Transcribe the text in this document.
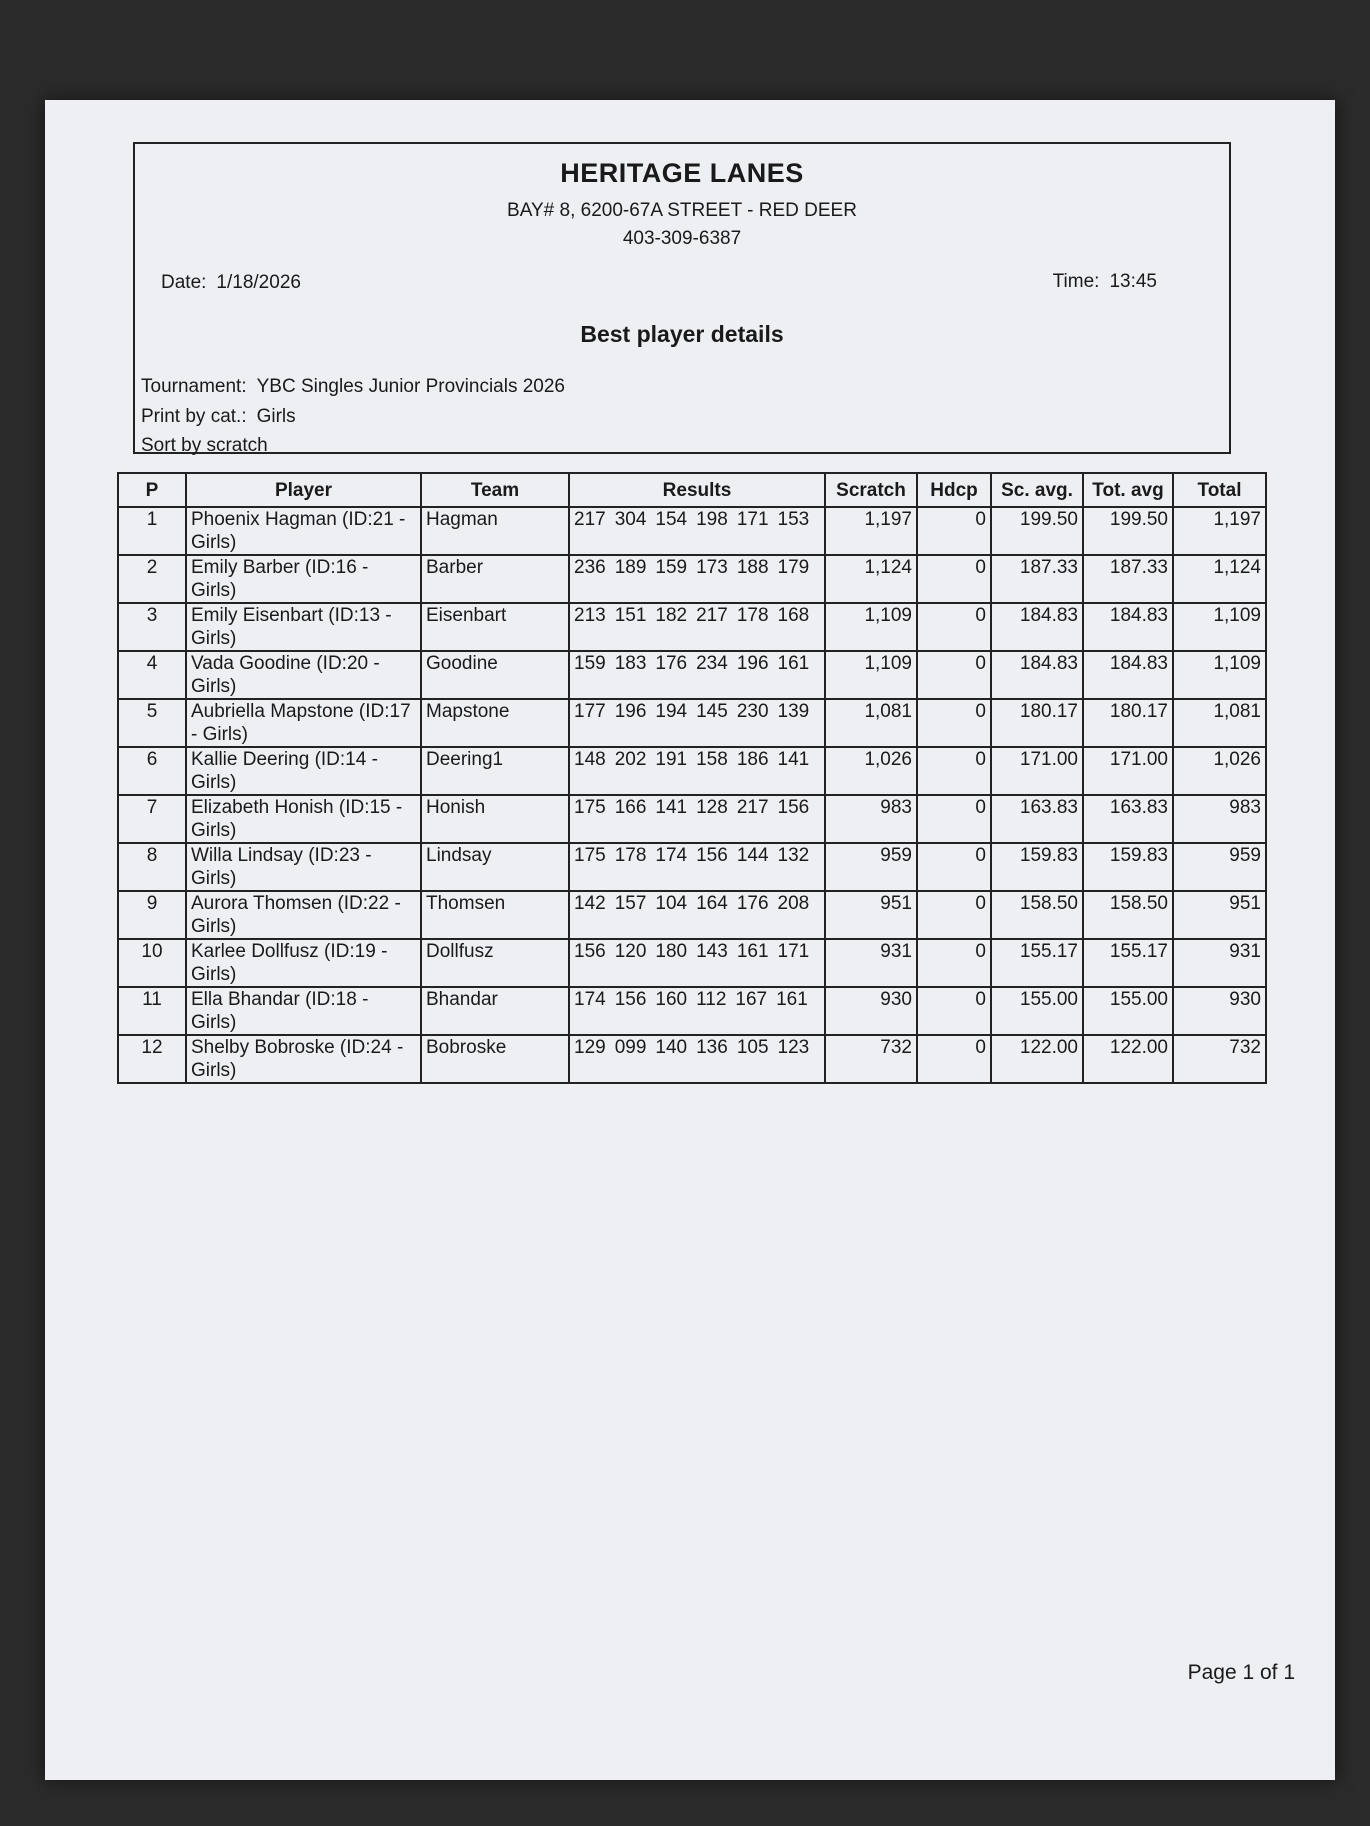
HERITAGE LANES
BAY# 8, 6200-67A STREET - RED DEER
403-309-6387
Date: 1/18/2026	Time: 13:45
Best player details
Tournament: YBC Singles Junior Provincials 2026
Print by cat.: Girls
Sort by scratch
P	Player	Team	Results	Scratch	Hdcp	Sc. avg.	Tot. avg	Total
1	Phoenix Hagman (ID:21 - Girls)	Hagman	217 304 154 198 171 153	1,197	0	199.50	199.50	1,197
2	Emily Barber (ID:16 - Girls)	Barber	236 189 159 173 188 179	1,124	0	187.33	187.33	1,124
3	Emily Eisenbart (ID:13 - Girls)	Eisenbart	213 151 182 217 178 168	1,109	0	184.83	184.83	1,109
4	Vada Goodine (ID:20 - Girls)	Goodine	159 183 176 234 196 161	1,109	0	184.83	184.83	1,109
5	Aubriella Mapstone (ID:17 - Girls)	Mapstone	177 196 194 145 230 139	1,081	0	180.17	180.17	1,081
6	Kallie Deering (ID:14 - Girls)	Deering1	148 202 191 158 186 141	1,026	0	171.00	171.00	1,026
7	Elizabeth Honish (ID:15 - Girls)	Honish	175 166 141 128 217 156	983	0	163.83	163.83	983
8	Willa Lindsay (ID:23 - Girls)	Lindsay	175 178 174 156 144 132	959	0	159.83	159.83	959
9	Aurora Thomsen (ID:22 - Girls)	Thomsen	142 157 104 164 176 208	951	0	158.50	158.50	951
10	Karlee Dollfusz (ID:19 - Girls)	Dollfusz	156 120 180 143 161 171	931	0	155.17	155.17	931
11	Ella Bhandar (ID:18 - Girls)	Bhandar	174 156 160 112 167 161	930	0	155.00	155.00	930
12	Shelby Bobroske (ID:24 - Girls)	Bobroske	129 099 140 136 105 123	732	0	122.00	122.00	732
Page 1 of 1
